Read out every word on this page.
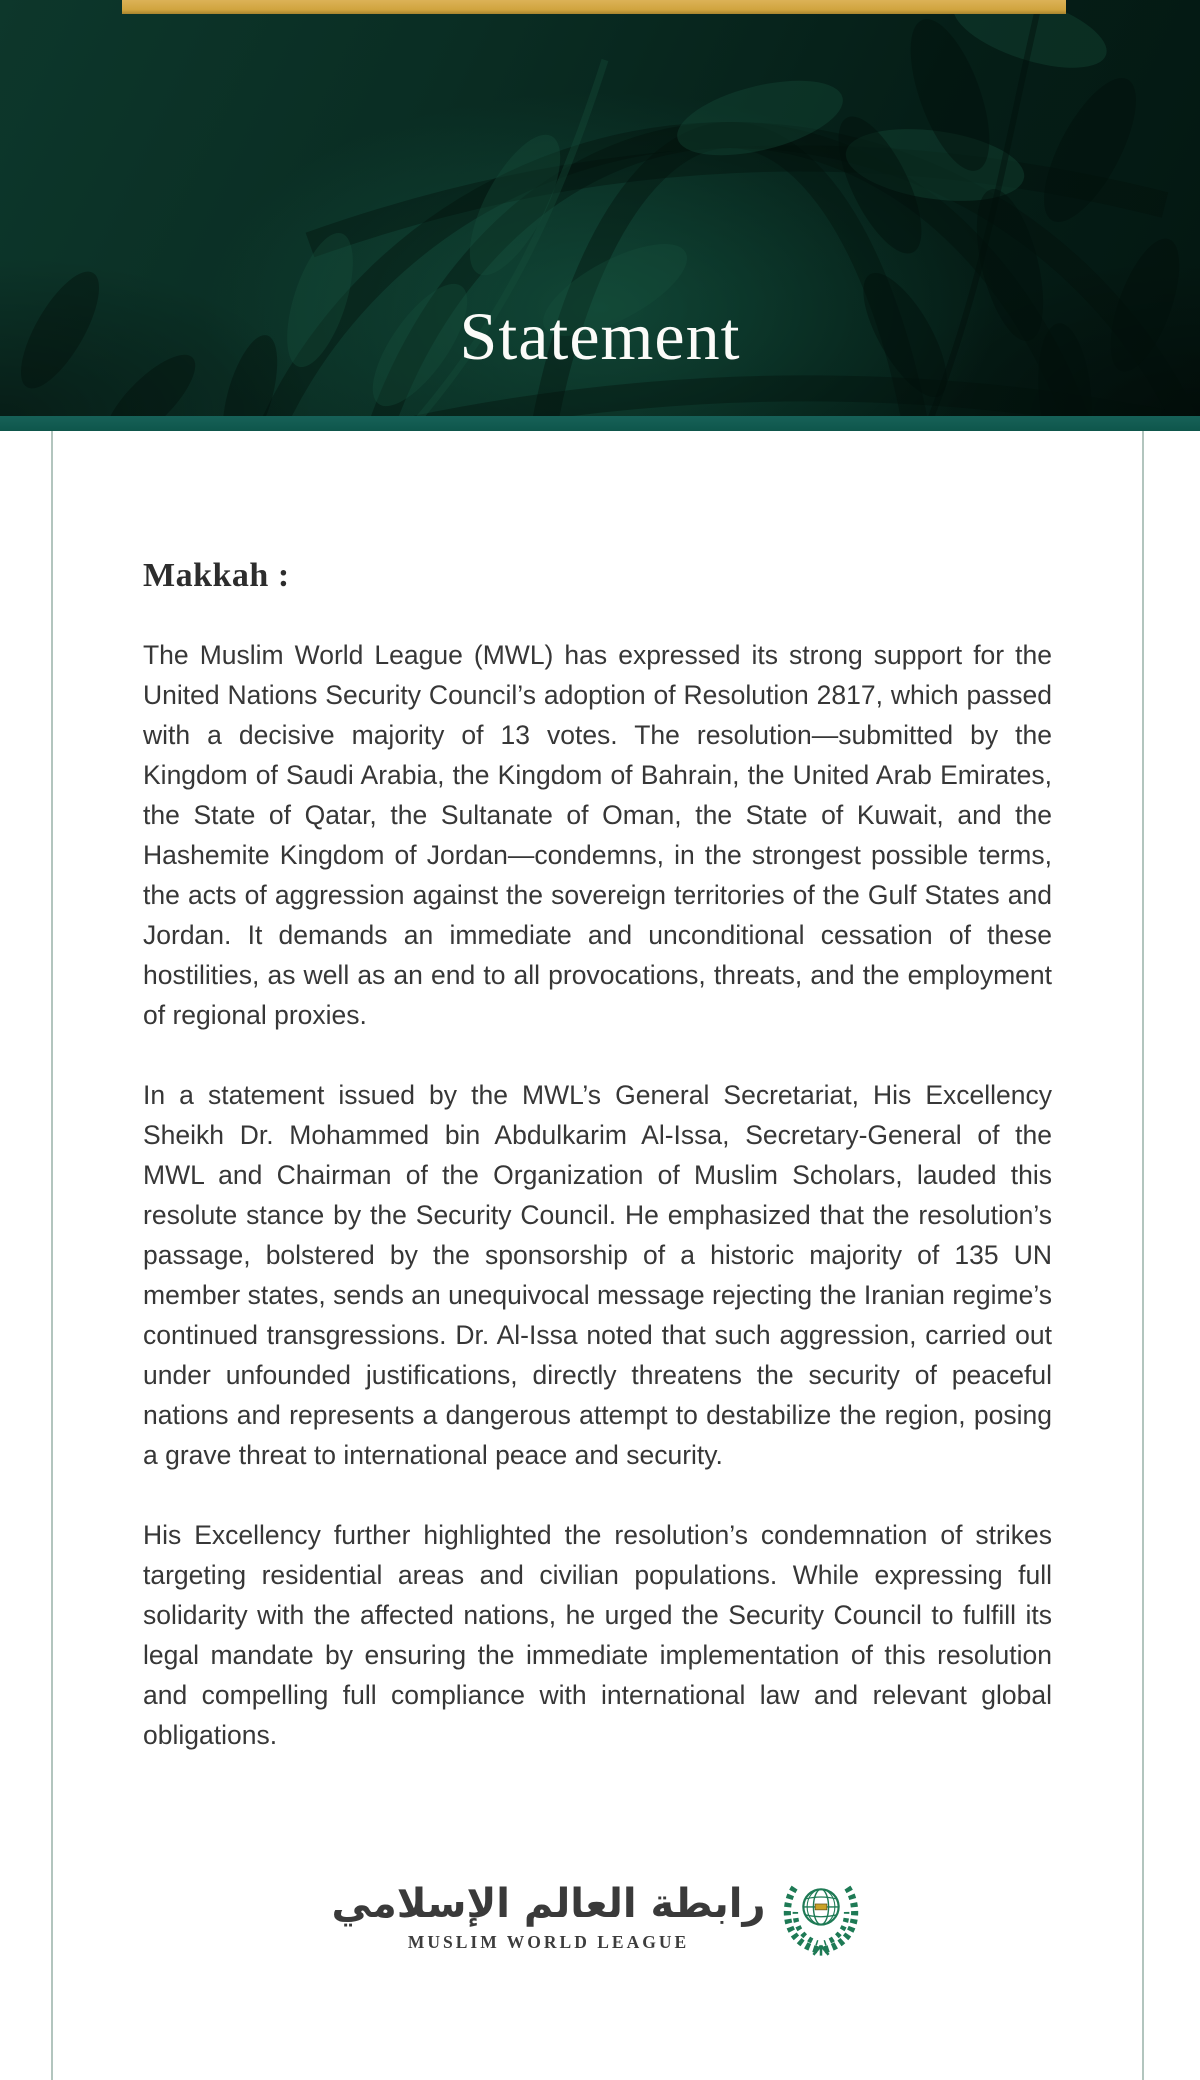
Statement
Makkah :

The Muslim World League (MWL) has expressed its strong support for the United Nations Security Council’s adoption of Resolution 2817, which passed with a decisive majority of 13 votes. The resolution—submitted by the Kingdom of Saudi Arabia, the Kingdom of Bahrain, the United Arab Emirates, the State of Qatar, the Sultanate of Oman, the State of Kuwait, and the Hashemite Kingdom of Jordan—condemns, in the strongest possible terms, the acts of aggression against the sovereign territories of the Gulf States and Jordan. It demands an immediate and unconditional cessation of these hostilities, as well as an end to all provocations, threats, and the employment of regional proxies.

In a statement issued by the MWL’s General Secretariat, His Excellency Sheikh Dr. Mohammed bin Abdulkarim Al-Issa, Secretary-General of the MWL and Chairman of the Organization of Muslim Scholars, lauded this resolute stance by the Security Council. He emphasized that the resolution’s passage, bolstered by the sponsorship of a historic majority of 135 UN member states, sends an unequivocal message rejecting the Iranian regime’s continued transgressions. Dr. Al-Issa noted that such aggression, carried out under unfounded justifications, directly threatens the security of peaceful nations and represents a dangerous attempt to destabilize the region, posing a grave threat to international peace and security.

His Excellency further highlighted the resolution’s condemnation of strikes targeting residential areas and civilian populations. While expressing full solidarity with the affected nations, he urged the Security Council to fulfill its legal mandate by ensuring the immediate implementation of this resolution and compelling full compliance with international law and relevant global obligations.

رابطة العالم الإسلامي
MUSLIM WORLD LEAGUE
